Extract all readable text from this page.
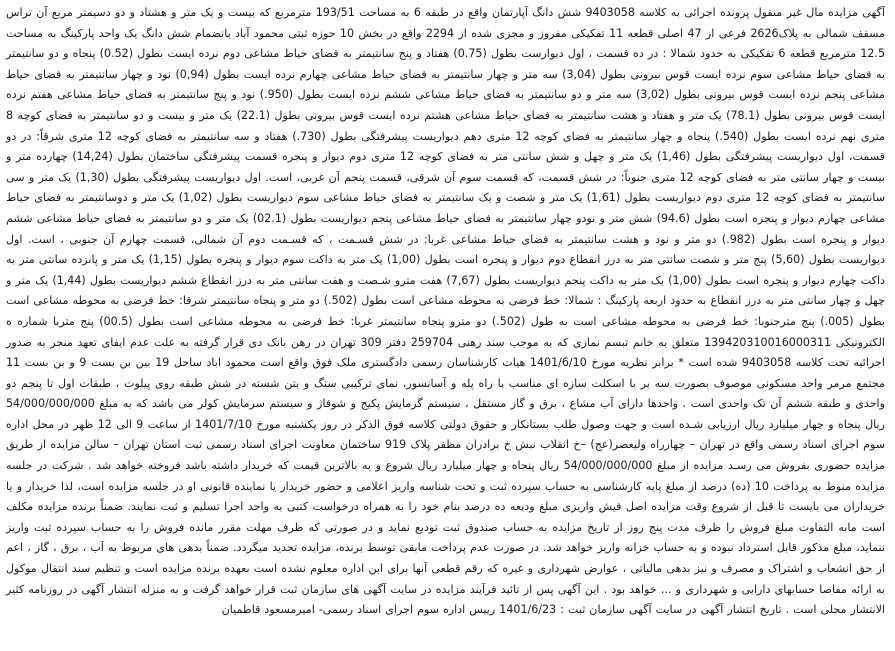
آگهی مزایده مال غیر منقول پرونده اجرائی به کلاسه 9403058 شش دانگ آپارتمان واقع در طبقه 6 به مساحت 193/51 مترمربع که بیست و یک متر و هشتاد و دو دسیمتر مربع آن تراس مسقف شمالی به پلاک2626 فرعی از 47 اصلی قطعه 11 تفکیکی مفروز و مجزی شده از 2294 واقع در بخش 10 حوزه ثبتی محمود آباد بانضمام شش دانگ یک واحد پارکینگ به مساحت 12.5 مترمربع قطعه 6 تفکیکی به حدود شمالا : در ده قسمت ، اول دیوارست بطول (0.75) هفتاد و پنج سانتیمتر به فضای حیاط مشاعی دوم نرده ایست بطول (0.52) پنجاه و دو سانتیمتر به فضای حیاط مشاعی سوم نرده ایست قوس بیرونی بطول (3,04) سه متر و چهار سانتیمتر به فضای حیاط مشاعی چهارم نرده ایست بطول (0,94) نود و چهار سانتیمتر به فضای حیاط مشاعی پنجم نرده ایست قوس بیرونی بطول (3,02) سه متر و دو سانتیمتر به فضای حیاط مشاعی ششم نرده ایست بطول (950.) نود و پنج سانتیمتر به فضای حیاط مشاعی هفتم نرده ایست قوس بیرونی بطول (78.1) یک متر و هفتاد و هشت سانتیمتر به فضای حیاط مشاعی هشتم نرده ایست قوس بیرونی بطول (22.1) یک متر و بیست و دو سانتیمتر به فضای کوچه 8 متری نهم نرده ایست بطول (540.) پنجاه و چهار سانتیمتر به فضای کوچه 12 متری دهم دیواریست پیشرفتگی بطول (730.) هفتاد و سه سانتیمتر به فضای کوچه 12 متری شرقاً: در دو قسمت، اول دیواریست پیشرفتگی بطول (1,46) یک متر و چهل و شش سانتی متر به فضای کوچه 12 متری دوم دیوار و پنجره قسمت پیشرفتگی ساختمان بطول (14,24) چهارده متر و بیست و چهار سانتی متر به فضای کوچه 12 متری جنوباً: در شش قسمت، که قسمت سوم آن شرقی، قسمت پنجم آن غربی، است. اول دیواریست پیشرفتگی بطول (1,30) یک متر و سی سانتیمتر به فضای کوچه 12 متری دوم دیواریست بطول (1,61) یک متر و شصت و یک سانتیمتر به فضای حیاط مشاعی سوم دیواریست بطول (1,02) یک متر و دوسانتیمتر به فضای حیاط مشاعی چهارم دیوار و پنجره است بطول (94.6) شش متر و نودو چهار سانتیمتر به فضای حیاط مشاعی پنجم دیواریست بطول (02.1) یک متر و دو سانتیمتر به فضای حیاط مشاعی ششم دیوار و پنجره است بطول (982.) دو متر و نود و هشت سانتیمتر به فضای حیاط مشاعی غربا: در شش قسـمت ، که قسـمت دوم آن شمالی، قسمت چهارم آن جنوبی ، است. اول دیواریست بطول (5,60) پنج متر و شصت سانتی متر به درز انقطاع دوم دیوار و پنجره است بطول (1,00) یک متر به داکت سوم دیوار و پنجره بطول (1,15) یک متر و پانزده سانتی متر به داکت چهارم دیوار و پنجره است بطول (1,00) یک متر به داکت پنجم دیواریست بطول (7,67) هفت مترو شـصت و هفت سانتی متر به درز انقطاع ششم دیواریست بطول (1,44) یک متر و چهل و چهار سانتی متر به درز انقطاع به حدود اربعه پارکینگ : شمالا: خط فرضی به محوطه مشاعی است بطول (502.) دو متر و پنجاه سانتیمتر شرقا: خط فرضی به محوطه مشاعی است بطول (005.) پنج مترجنوبا: خط فرضی به محوطه مشاعی است به طول (502.) دو مترو پنجاه سانتیمتر غربا: خط فرضی به محوطه مشاعی است بطول (00.5) پنج متربا شماره ه الکترونیکی 139420310016000311 متعلق به خانم تبسم نمازی که به موجب سند رهنی 259704 دفتر 309 تهران در رهن بانک دی قرار گرفته به علت عدم ایفای تعهد منجر به صدور اجرائیه تحت کلاسه 9403058 شده است * برابر نظریه مورخ 1401/6/10 هیات کارشناسان رسمی دادگستری ملک فوق واقع است محمود اباد ساحل 19 بین بن بست 9 و بن بست 11 مجتمع مرمر واحد مسکونی موصوف بصورت سه بر با اسکلت سازه ای مناسب با راه پله و آسانسور، نمای ترکیبی سنگ و بتن شسته در شش طبقه روی پیلوت ، طبقات اول تا پنجم دو واحدی و طبقه ششم آن تک واحدی است . واحدها دارای آب مشاع ، برق و گاز مستقل ، سیستم گرمایش پکیج و شوفاژ و سیستم سرمایش کولر می باشد که به مبلغ 54/000/000/000 ریال پنجاه و چهار میلیارد ریال ارزیابی شـده است و جهت وصول طلب بستانکار و حقوق دولتی کلاسه فوق الذکر در روز یکشنبه مورخ 1401/7/10 از ساعت 9 الی 12 ظهر در محل اداره سوم اجرای اسناد رسمی واقع در تهران – چهارراه ولیعصر(عج) –خ انقلاب نبش خ برادران مظفر پلاک 919 ساختمان معاونت اجرای اسناد رسمی ثبت استان تهران – سالن مزایده از طریق مزایده حضوری بفروش می رسـد مزایده از مبلغ 54/000/000/000 ریال پنجاه و چهار میلیارد ریال شروع و به بالاترین قیمت که خریدار داشته باشد فروخته خواهد شد . شرکت در جلسه مزایده منوط به پرداخت 10 (ده) درصد از مبلغ پایه کارشناسی به حساب سپرده ثبت و تحت شناسه واریز اعلامی و حضور خریدار یا نماینده قانونی او در جلسه مزایده است، لذا خریدار و یا خریداران می بایست تا قبل از شروع وقت مزایده اصل فیش واریزی مبلغ ودیعه ده درصد بنام خود را به همراه درخواست کتبی به واحد اجرا تسلیم و ثبت نمایند. ضمناً برنده مزایده مکلف است مابه التفاوت مبلغ فروش را ظرف مدت پنج روز از تاریخ مزایده به حساب صندوق ثبت تودیع نماید و در صورتی که ظرف مهلت مقرر مانده فروش را به حساب سپرده ثبت واریز ننماید، مبلغ مذکور قابل استرداد نبوده و به حساب خزانه واریز خواهد شد. در صورت عدم پرداخت مابقی توسط برنده، مزایده تجدید میگردد. ضمناً بدهی های مربوط به آب ، برق ، گاز ، اعم از حق انشعاب و اشتراک و مصرف و نیز بدهی مالیاتی ، عوارض شهرداری و غیره که رقم قطعی آنها برای این اداره معلوم نشده است بعهده برنده مزایده است و تنظیم سند انتقال موکول به ارائه مفاصا حسابهای دارایی و شهرداری و ... خواهد بود . این آگهی پس از تائید فرآیند مزایده در سایت آگهی های سازمان ثبت قرار خواهد گرفت و به منزله انتشار آگهی در روزنامه کثیر الانتشار محلی است . تاریخ انتشار آگهی در سایت آگهی سازمان ثبت : 1401/6/23 رییس اداره سوم اجرای اسناد رسمی- امیرمسعود قاطمیان
